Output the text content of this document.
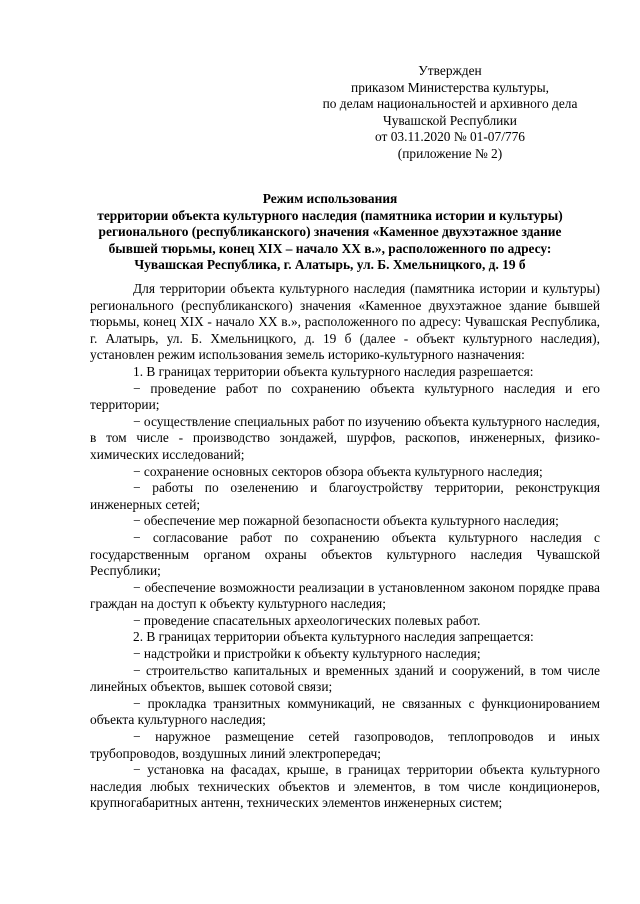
Утвержден
приказом Министерства культуры,
по делам национальностей и архивного дела
Чувашской Республики
от 03.11.2020 № 01-07/776
(приложение № 2)
Режим использования
территории объекта культурного наследия (памятника истории и культуры)
регионального (республиканского) значения «Каменное двухэтажное здание
бывшей тюрьмы, конец XIX – начало XX в.», расположенного по адресу:
Чувашская Республика, г. Алатырь, ул. Б. Хмельницкого, д. 19 б

Для территории объекта культурного наследия (памятника истории и культуры) регионального (республиканского) значения «Каменное двухэтажное здание бывшей тюрьмы, конец XIX - начало XX в.», расположенного по адресу: Чувашская Республика, г. Алатырь, ул. Б. Хмельницкого, д. 19 б (далее - объект культурного наследия), установлен режим использования земель историко-культурного назначения:

1. В границах территории объекта культурного наследия разрешается:

− проведение работ по сохранению объекта культурного наследия и его территории;

− осуществление специальных работ по изучению объекта культурного наследия, в том числе - производство зондажей, шурфов, раскопов, инженерных, физико-химических исследований;

− сохранение основных секторов обзора объекта культурного наследия;

− работы по озеленению и благоустройству территории, реконструкция инженерных сетей;

− обеспечение мер пожарной безопасности объекта культурного наследия;

− согласование работ по сохранению объекта культурного наследия с государственным органом охраны объектов культурного наследия Чувашской Республики;

− обеспечение возможности реализации в установленном законом порядке права граждан на доступ к объекту культурного наследия;

− проведение спасательных археологических полевых работ.

2. В границах территории объекта культурного наследия запрещается:

− надстройки и пристройки к объекту культурного наследия;

− строительство капитальных и временных зданий и сооружений, в том числе линейных объектов, вышек сотовой связи;

− прокладка транзитных коммуникаций, не связанных с функционированием объекта культурного наследия;

− наружное размещение сетей газопроводов, теплопроводов и иных трубопроводов, воздушных линий электропередач;

− установка на фасадах, крыше, в границах территории объекта культурного наследия любых технических объектов и элементов, в том числе кондиционеров, крупногабаритных антенн, технических элементов инженерных систем;
